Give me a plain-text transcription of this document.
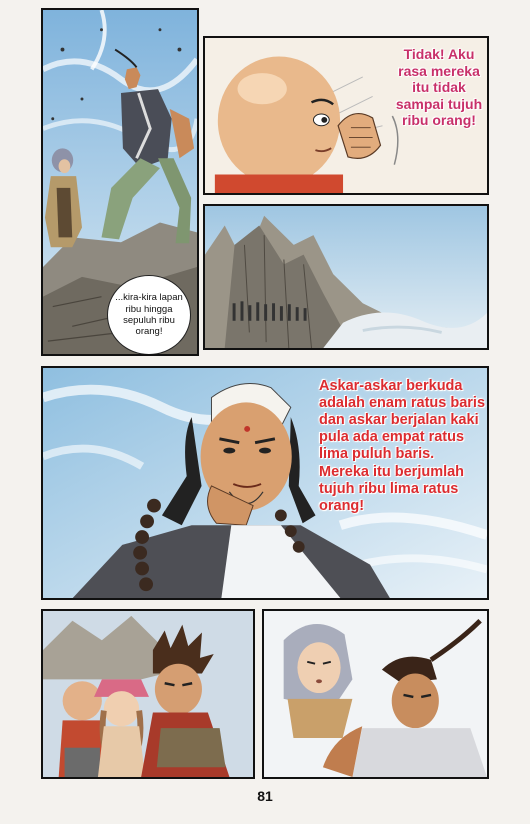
...kira-kira lapan ribu hingga sepuluh ribu orang!
Tidak! Aku rasa mereka itu tidak sampai tujuh ribu orang!
Askar-askar berkuda adalah enam ratus baris dan askar berjalan kaki pula ada empat ratus lima puluh baris. Mereka itu berjumlah tujuh ribu lima ratus orang!
81
